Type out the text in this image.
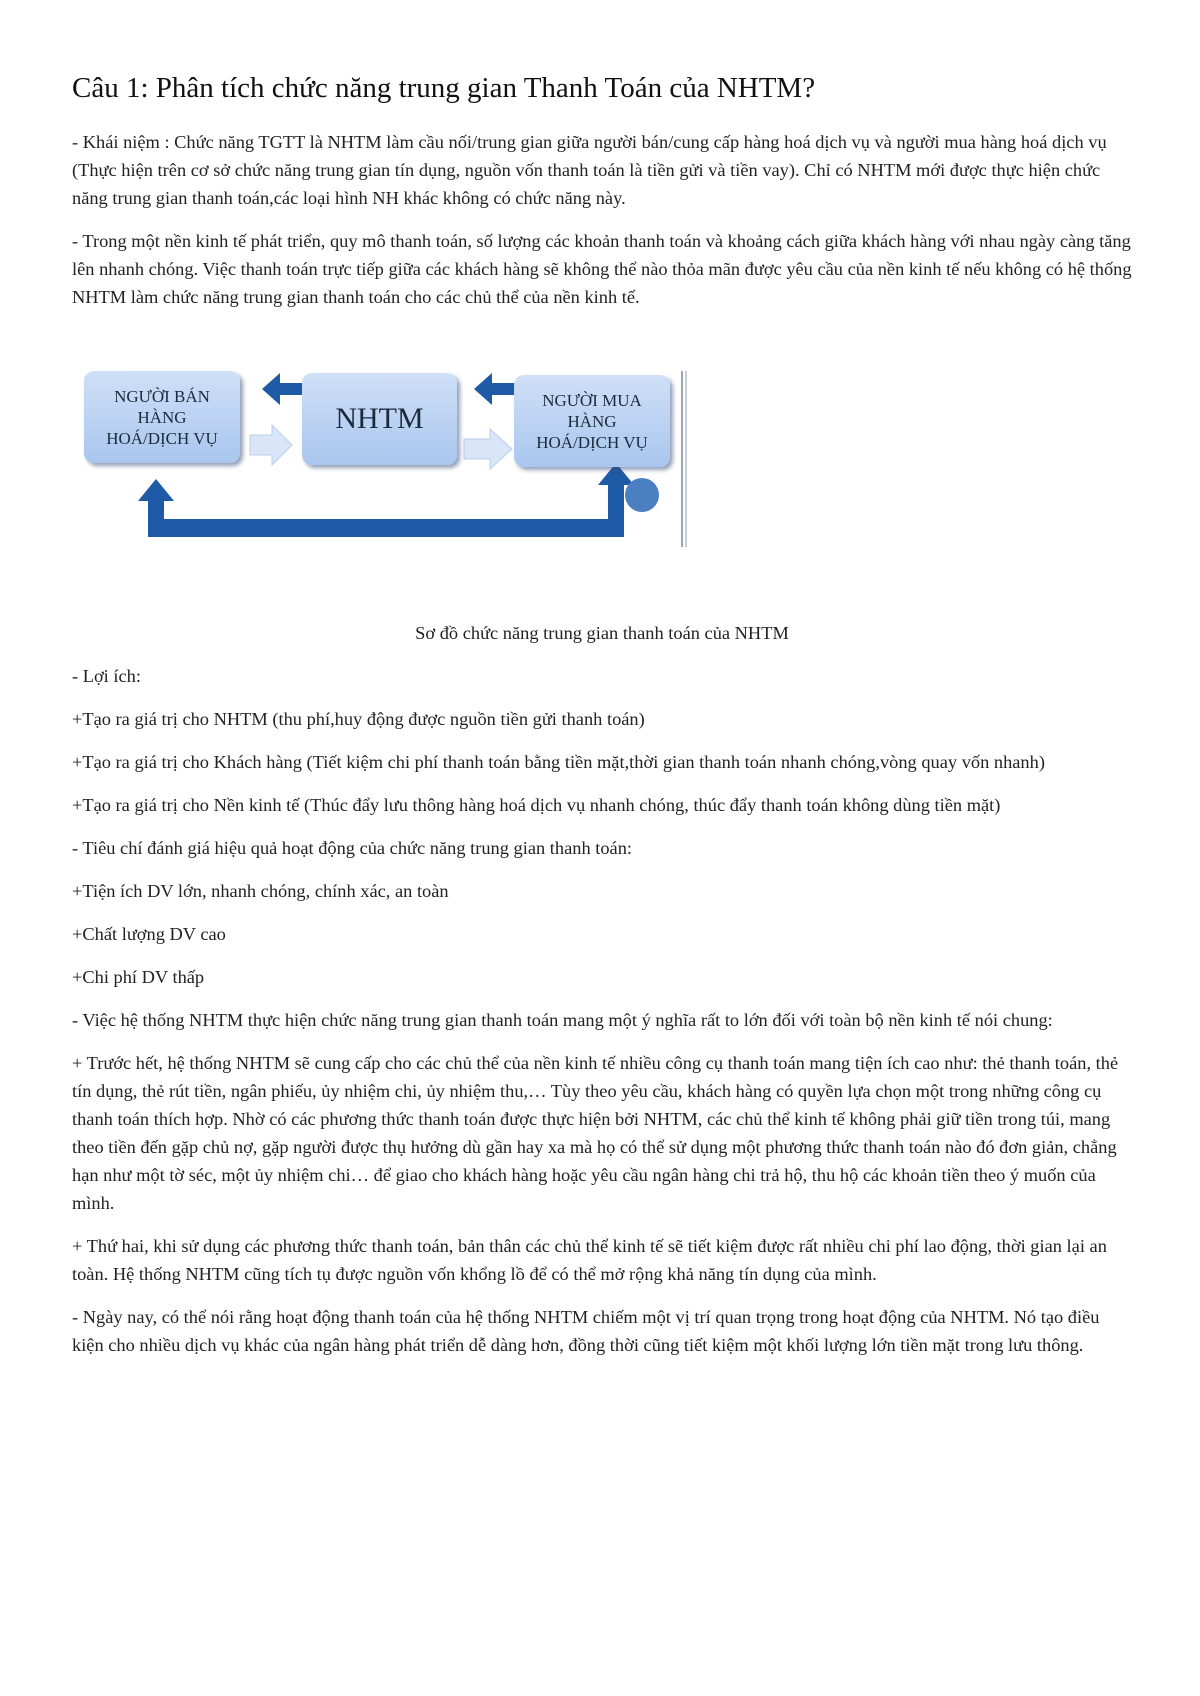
Câu 1: Phân tích chức năng trung gian Thanh Toán của NHTM?

- Khái niệm : Chức năng TGTT là NHTM làm cầu nối/trung gian giữa người bán/cung cấp hàng hoá dịch vụ và người mua hàng hoá dịch vụ (Thực hiện trên cơ sở chức năng trung gian tín dụng, nguồn vốn thanh toán là tiền gửi và tiền vay). Chỉ có NHTM mới được thực hiện chức năng trung gian thanh toán,các loại hình NH khác không có chức năng này.

- Trong một nền kinh tế phát triển, quy mô thanh toán, số lượng các khoản thanh toán và khoảng cách giữa khách hàng với nhau ngày càng tăng lên nhanh chóng. Việc thanh toán trực tiếp giữa các khách hàng sẽ không thể nào thỏa mãn được yêu cầu của nền kinh tế nếu không có hệ thống NHTM làm chức năng trung gian thanh toán cho các chủ thể của nền kinh tế.

NGƯỜI BÁN
HÀNG
HOÁ/DỊCH VỤ
NHTM
NGƯỜI MUA
HÀNG
HOÁ/DỊCH VỤ

Sơ đồ chức năng trung gian thanh toán của NHTM

- Lợi ích:

+Tạo ra giá trị cho NHTM (thu phí,huy động được nguồn tiền gửi thanh toán)

+Tạo ra giá trị cho Khách hàng (Tiết kiệm chi phí thanh toán bằng tiền mặt,thời gian thanh toán nhanh chóng,vòng quay vốn nhanh)

+Tạo ra giá trị cho Nền kinh tế (Thúc đẩy lưu thông hàng hoá dịch vụ nhanh chóng, thúc đẩy thanh toán không dùng tiền mặt)

- Tiêu chí đánh giá hiệu quả hoạt động của chức năng trung gian thanh toán:

+Tiện ích DV lớn, nhanh chóng, chính xác, an toàn

+Chất lượng DV cao

+Chi phí DV thấp

- Việc hệ thống NHTM thực hiện chức năng trung gian thanh toán mang một ý nghĩa rất to lớn đối với toàn bộ nền kinh tế nói chung:

+ Trước hết, hệ thống NHTM sẽ cung cấp cho các chủ thể của nền kinh tế nhiều công cụ thanh toán mang tiện ích cao như: thẻ thanh toán, thẻ tín dụng, thẻ rút tiền, ngân phiếu, ủy nhiệm chi, ủy nhiệm thu,… Tùy theo yêu cầu, khách hàng có quyền lựa chọn một trong những công cụ thanh toán thích hợp. Nhờ có các phương thức thanh toán được thực hiện bởi NHTM, các chủ thể kinh tế không phải giữ tiền trong túi, mang theo tiền đến gặp chủ nợ, gặp người được thụ hưởng dù gần hay xa mà họ có thể sử dụng một phương thức thanh toán nào đó đơn giản, chẳng hạn như một tờ séc, một ủy nhiệm chi… để giao cho khách hàng hoặc yêu cầu ngân hàng chi trả hộ, thu hộ các khoản tiền theo ý muốn của mình.

+ Thứ hai, khi sử dụng các phương thức thanh toán, bản thân các chủ thể kinh tế sẽ tiết kiệm được rất nhiều chi phí lao động, thời gian lại an toàn. Hệ thống NHTM cũng tích tụ được nguồn vốn khổng lồ để có thể mở rộng khả năng tín dụng của mình.

- Ngày nay, có thể nói rằng hoạt động thanh toán của hệ thống NHTM chiếm một vị trí quan trọng trong hoạt động của NHTM. Nó tạo điều kiện cho nhiều dịch vụ khác của ngân hàng phát triển dễ dàng hơn, đồng thời cũng tiết kiệm một khối lượng lớn tiền mặt trong lưu thông.
